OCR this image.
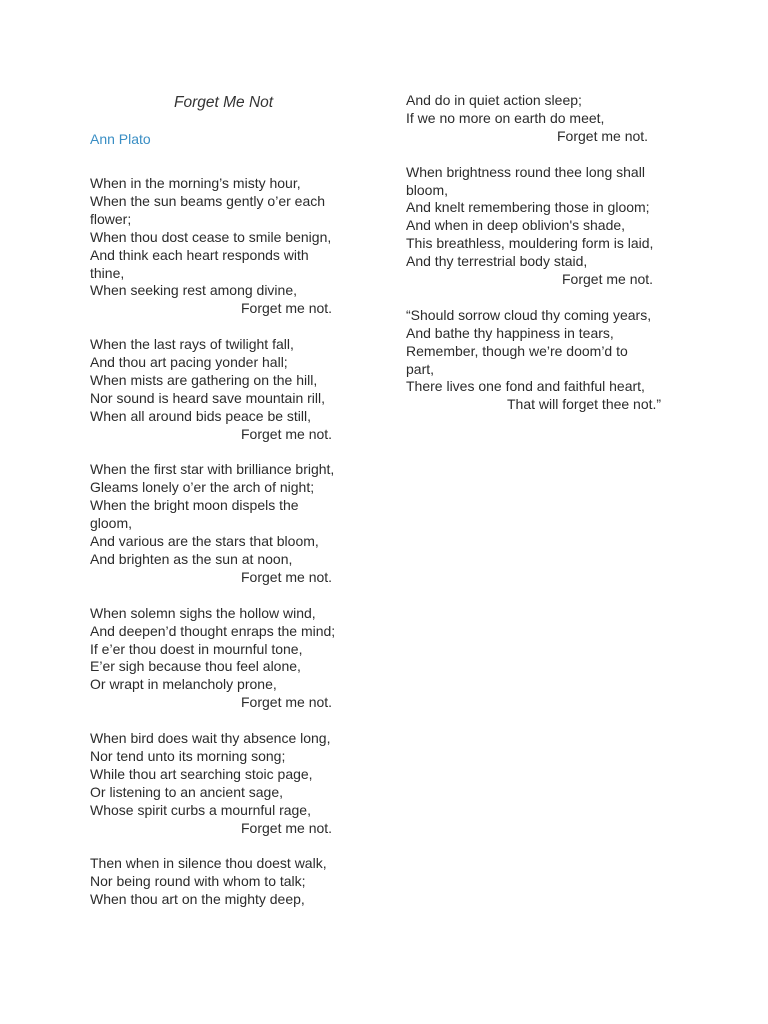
Forget Me Not
Ann Plato
When in the morning’s misty hour,
When the sun beams gently o’er each
flower;
When thou dost cease to smile benign,
And think each heart responds with
thine,
When seeking rest among divine,
Forget me not.
When the last rays of twilight fall,
And thou art pacing yonder hall;
When mists are gathering on the hill,
Nor sound is heard save mountain rill,
When all around bids peace be still,
Forget me not.
When the first star with brilliance bright,
Gleams lonely o’er the arch of night;
When the bright moon dispels the
gloom,
And various are the stars that bloom,
And brighten as the sun at noon,
Forget me not.
When solemn sighs the hollow wind,
And deepen’d thought enraps the mind;
If e’er thou doest in mournful tone,
E’er sigh because thou feel alone,
Or wrapt in melancholy prone,
Forget me not.
When bird does wait thy absence long,
Nor tend unto its morning song;
While thou art searching stoic page,
Or listening to an ancient sage,
Whose spirit curbs a mournful rage,
Forget me not.
Then when in silence thou doest walk,
Nor being round with whom to talk;
When thou art on the mighty deep,
And do in quiet action sleep;
If we no more on earth do meet,
Forget me not.
When brightness round thee long shall
bloom,
And knelt remembering those in gloom;
And when in deep oblivion's shade,
This breathless, mouldering form is laid,
And thy terrestrial body staid,
Forget me not.
“Should sorrow cloud thy coming years,
And bathe thy happiness in tears,
Remember, though we’re doom’d to
part,
There lives one fond and faithful heart,
That will forget thee not.”
